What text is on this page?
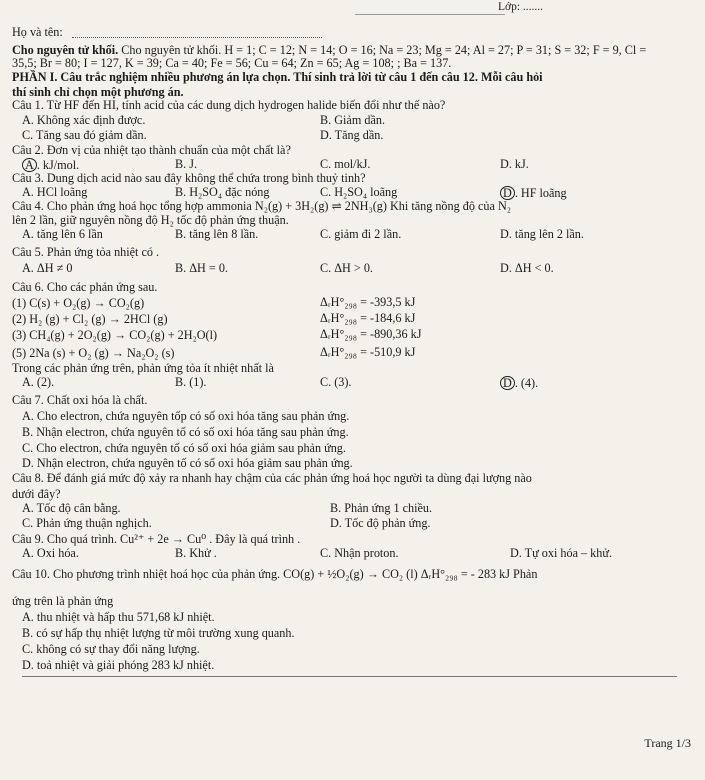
Lớp: .......
Họ và tên:
Cho nguyên tử khối. Cho nguyên tử khối. H = 1; C = 12; N = 14; O = 16; Na = 23; Mg = 24; Al = 27; P = 31; S = 32; F = 9, Cl =
35,5; Br = 80; I = 127, K = 39; Ca = 40; Fe = 56; Cu = 64; Zn = 65; Ag = 108; ; Ba = 137.
PHẦN I. Câu trắc nghiệm nhiều phương án lựa chọn. Thí sinh trả lời từ câu 1 đến câu 12. Mỗi câu hỏi
thí sinh chỉ chọn một phương án.
Câu 1. Từ HF đến HI, tính acid của các dung dịch hydrogen halide biến đổi như thế nào?
A. Không xác định được.	B. Giảm dần.
C. Tăng sau đó giảm dần.	D. Tăng dần.
Câu 2. Đơn vị của nhiệt tạo thành chuẩn của một chất là?
A . kJ/mol.	B. J.	C. mol/kJ.	D. kJ.
Câu 3. Dung dịch acid nào sau đây không thể chứa trong bình thuỷ tinh?
A. HCl loãng	B. H₂SO₄ đặc nóng	C. H₂SO₄ loãng	D . HF loãng
Câu 4. Cho phản ứng hoá học tổng hợp ammonia N₂(g) + 3H₂(g) ⇌ 2NH₃(g) Khi tăng nồng độ của N₂
lên 2 lần, giữ nguyên nồng độ H₂ tốc độ phản ứng thuận.
A. tăng lên 6 lần	B. tăng lên 8 lần.	C. giảm đi 2 lần.	D. tăng lên 2 lần.
Câu 5. Phản ứng tỏa nhiệt có .
A. ΔH ≠ 0	B. ΔH = 0.	C. ΔH > 0.	D. ΔH < 0.
Câu 6. Cho các phản ứng sau.
(1) C(s) + O₂(g) → CO₂(g)	ΔᵣH°₂₉₈ = -393,5 kJ
(2) H₂ (g) + Cl₂ (g) → 2HCl (g)	ΔᵣH°₂₉₈ = -184,6 kJ
(3) CH₄(g) + 2O₂(g) → CO₂(g) + 2H₂O(l)	ΔᵣH°₂₉₈ = -890,36 kJ
(5) 2Na (s) + O₂ (g) → Na₂O₂ (s)	ΔᵣH°₂₉₈ = -510,9 kJ
Trong các phản ứng trên, phản ứng tỏa ít nhiệt nhất là
A. (2).	B. (1).	C. (3).	D . (4).
Câu 7. Chất oxi hóa là chất.
A. Cho electron, chứa nguyên tốp có số oxi hóa tăng sau phản ứng.
B. Nhận electron, chứa nguyên tố có số oxi hóa tăng sau phản ứng.
C. Cho electron, chứa nguyên tố có số oxi hóa giảm sau phản ứng.
D. Nhận electron, chứa nguyên tố có số oxi hóa giảm sau phản ứng.
Câu 8. Để đánh giá mức độ xảy ra nhanh hay chậm của các phản ứng hoá học người ta dùng đại lượng nào
dưới đây?
A. Tốc độ cân bằng.	B. Phản ứng 1 chiều.
C. Phản ứng thuận nghịch.	D. Tốc độ phản ứng.
Câu 9. Cho quá trình. Cu²⁺ + 2e → Cu⁰ . Đây là quá trình .
A. Oxi hóa.	B. Khử .	C. Nhận proton.	D. Tự oxi hóa – khử.
Câu 10. Cho phương trình nhiệt hoá học của phản ứng. CO(g) + ½O₂(g) → CO₂ (l) ΔᵣH°₂₉₈ = - 283 kJ Phản
ứng trên là phản ứng
A. thu nhiệt và hấp thu 571,68 kJ nhiệt.
B. có sự hấp thụ nhiệt lượng từ môi trường xung quanh.
C. không có sự thay đổi năng lượng.
D. toả nhiệt và giải phóng 283 kJ nhiệt.
Trang 1/3
